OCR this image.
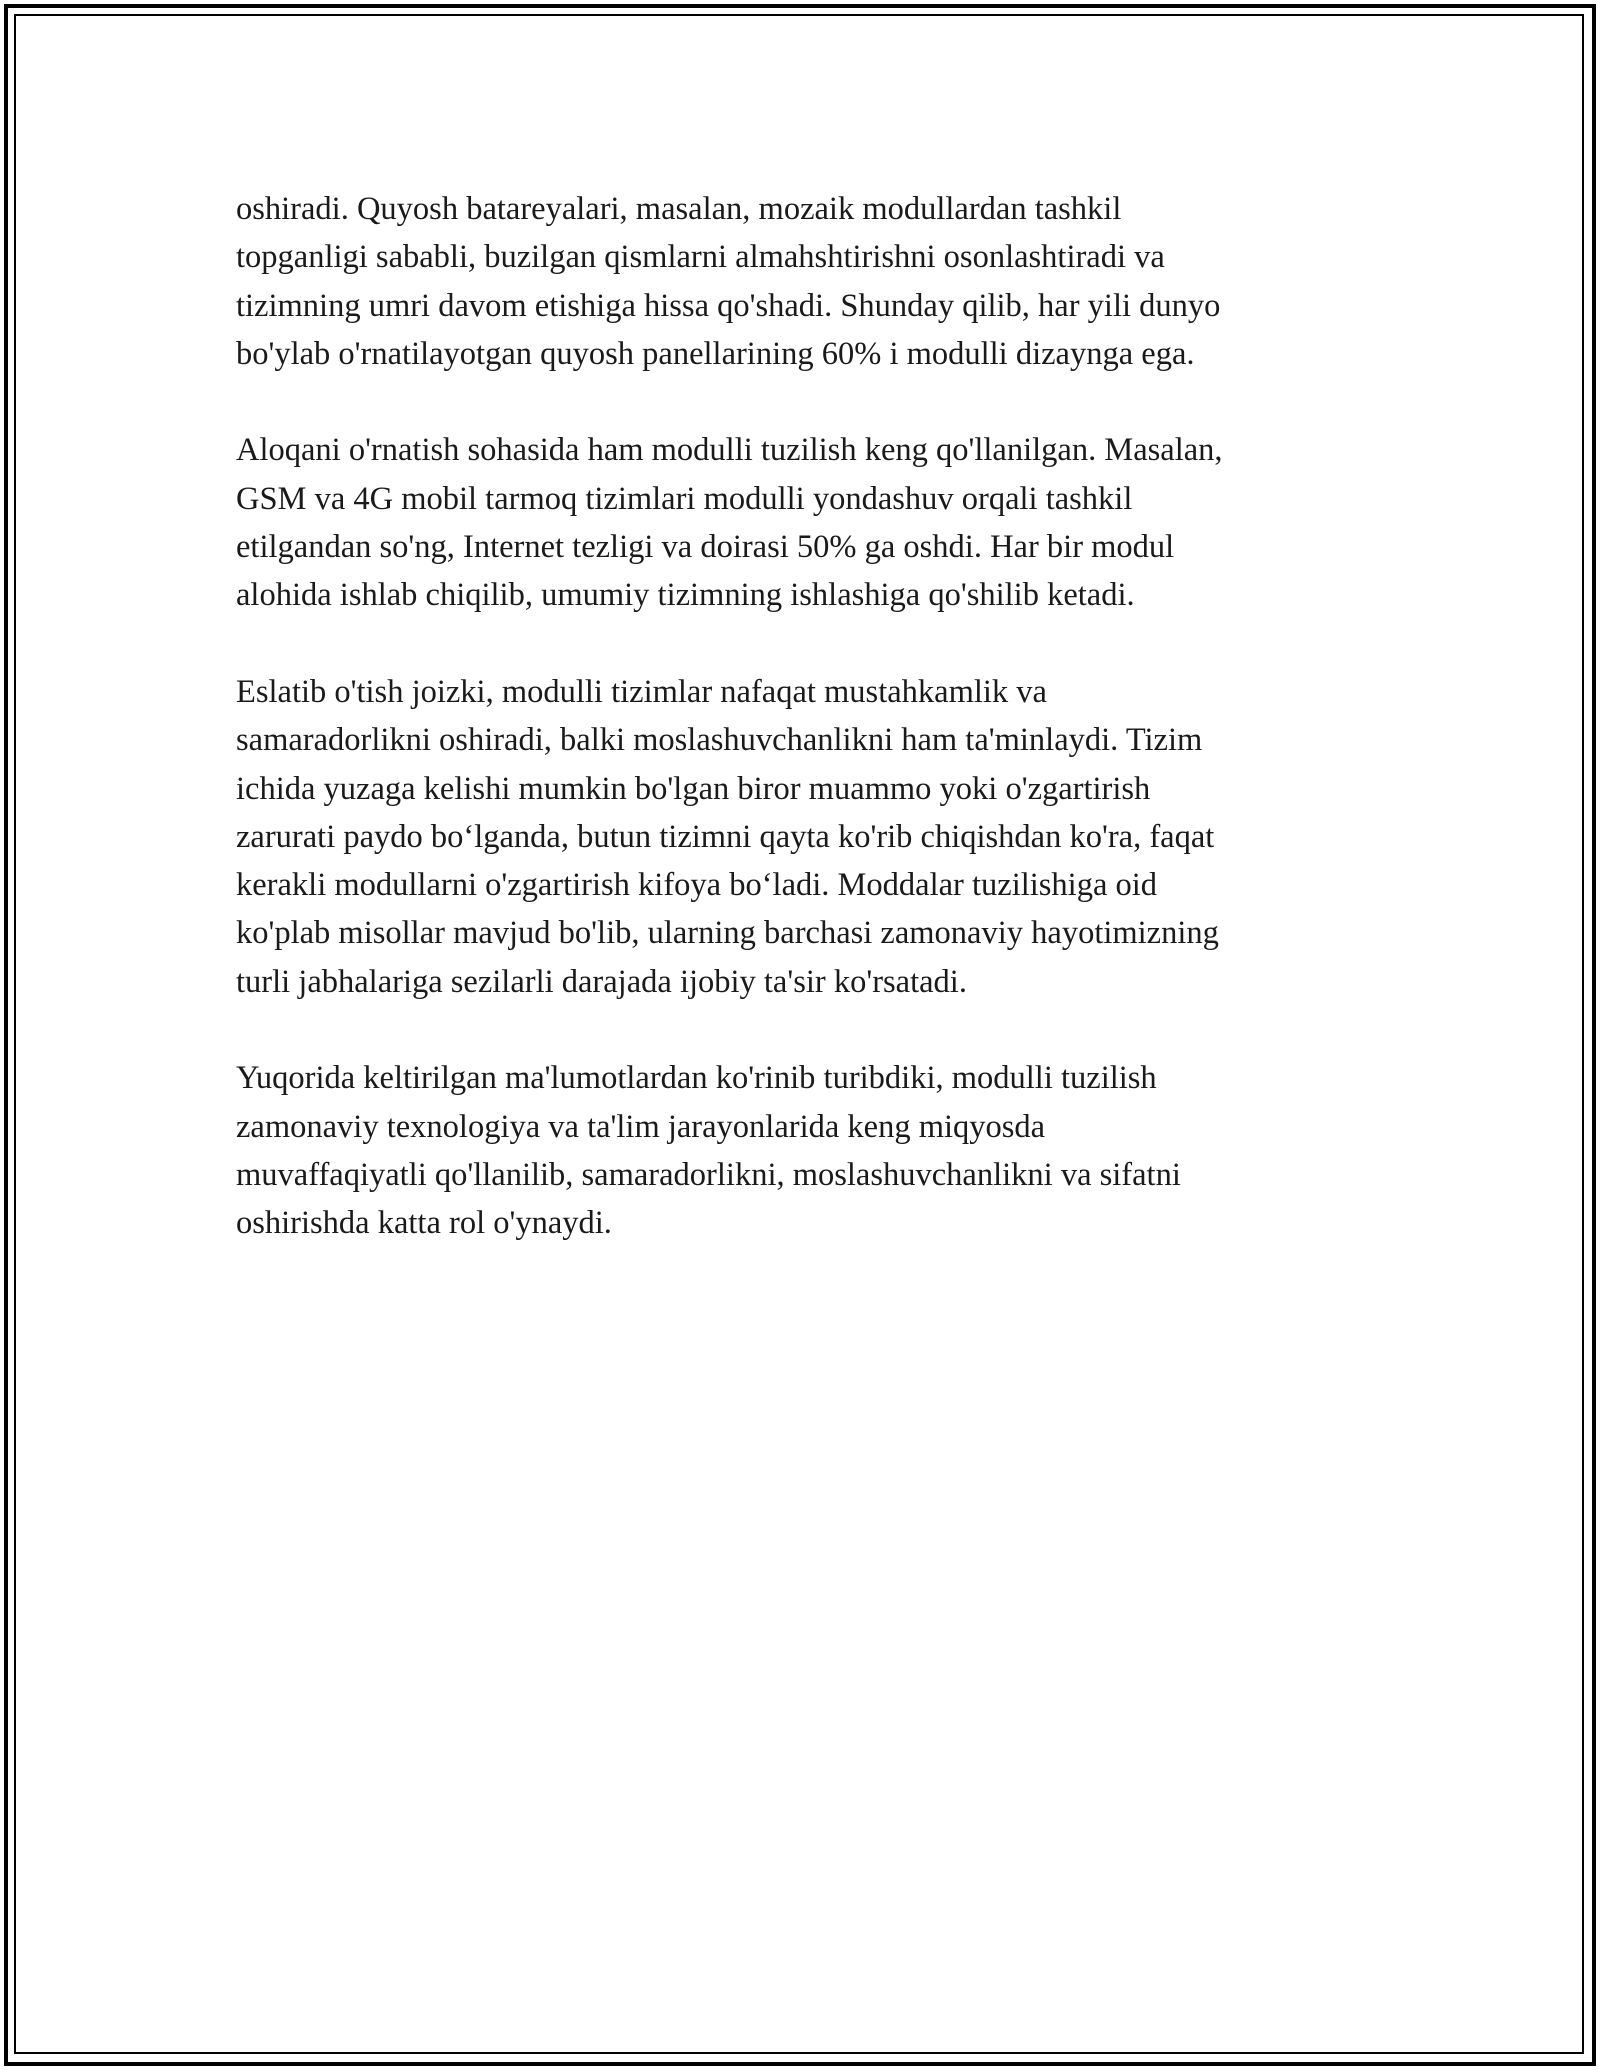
oshiradi. Quyosh batareyalari, masalan, mozaik modullardan tashkil
topganligi sababli, buzilgan qismlarni almahshtirishni osonlashtiradi va
tizimning umri davom etishiga hissa qo'shadi. Shunday qilib, har yili dunyo
bo'ylab o'rnatilayotgan quyosh panellarining 60% i modulli dizaynga ega.

Aloqani o'rnatish sohasida ham modulli tuzilish keng qo'llanilgan. Masalan,
GSM va 4G mobil tarmoq tizimlari modulli yondashuv orqali tashkil
etilgandan so'ng, Internet tezligi va doirasi 50% ga oshdi. Har bir modul
alohida ishlab chiqilib, umumiy tizimning ishlashiga qo'shilib ketadi.

Eslatib o'tish joizki, modulli tizimlar nafaqat mustahkamlik va
samaradorlikni oshiradi, balki moslashuvchanlikni ham ta'minlaydi. Tizim
ichida yuzaga kelishi mumkin bo'lgan biror muammo yoki o'zgartirish
zarurati paydo bo‘lganda, butun tizimni qayta ko'rib chiqishdan ko'ra, faqat
kerakli modullarni o'zgartirish kifoya bo‘ladi. Moddalar tuzilishiga oid
ko'plab misollar mavjud bo'lib, ularning barchasi zamonaviy hayotimizning
turli jabhalariga sezilarli darajada ijobiy ta'sir ko'rsatadi.

Yuqorida keltirilgan ma'lumotlardan ko'rinib turibdiki, modulli tuzilish
zamonaviy texnologiya va ta'lim jarayonlarida keng miqyosda
muvaffaqiyatli qo'llanilib, samaradorlikni, moslashuvchanlikni va sifatni
oshirishda katta rol o'ynaydi.
